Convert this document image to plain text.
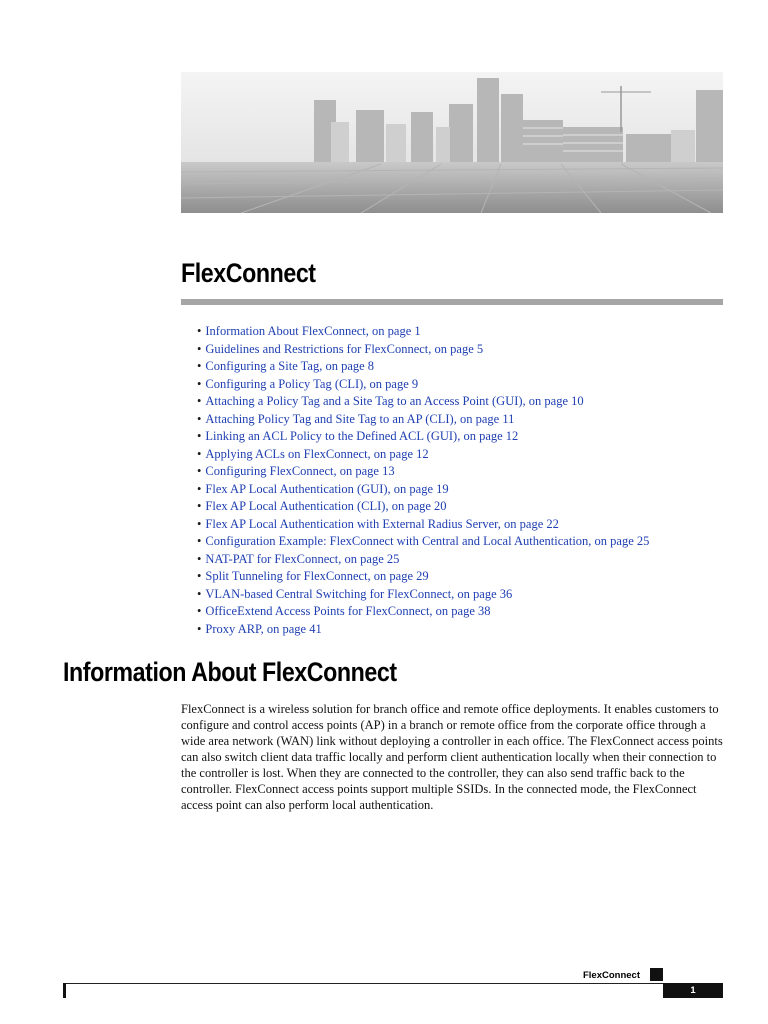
FlexConnect
• Information About FlexConnect, on page 1
• Guidelines and Restrictions for FlexConnect, on page 5
• Configuring a Site Tag, on page 8
• Configuring a Policy Tag (CLI), on page 9
• Attaching a Policy Tag and a Site Tag to an Access Point (GUI), on page 10
• Attaching Policy Tag and Site Tag to an AP (CLI), on page 11
• Linking an ACL Policy to the Defined ACL (GUI), on page 12
• Applying ACLs on FlexConnect, on page 12
• Configuring FlexConnect, on page 13
• Flex AP Local Authentication (GUI), on page 19
• Flex AP Local Authentication (CLI), on page 20
• Flex AP Local Authentication with External Radius Server, on page 22
• Configuration Example: FlexConnect with Central and Local Authentication, on page 25
• NAT-PAT for FlexConnect, on page 25
• Split Tunneling for FlexConnect, on page 29
• VLAN-based Central Switching for FlexConnect, on page 36
• OfficeExtend Access Points for FlexConnect, on page 38
• Proxy ARP, on page 41
Information About FlexConnect

FlexConnect is a wireless solution for branch office and remote office deployments. It enables customers to configure and control access points (AP) in a branch or remote office from the corporate office through a wide area network (WAN) link without deploying a controller in each office. The FlexConnect access points can also switch client data traffic locally and perform client authentication locally when their connection to the controller is lost. When they are connected to the controller, they can also send traffic back to the controller. FlexConnect access points support multiple SSIDs. In the connected mode, the FlexConnect access point can also perform local authentication.

FlexConnect
1
